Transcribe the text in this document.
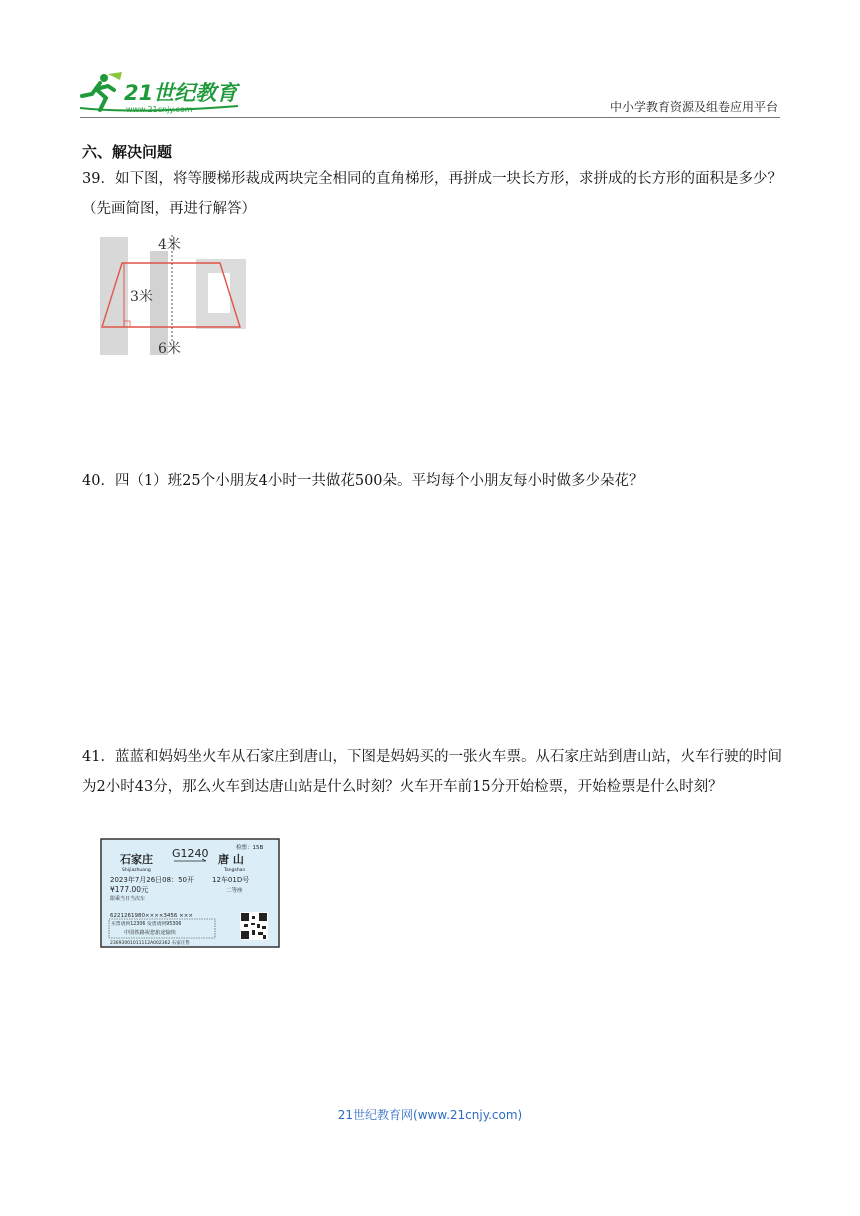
21世纪教育
www.21cnjy.com	中小学教育资源及组卷应用平台
六、解决问题
39．如下图，将等腰梯形裁成两块完全相同的直角梯形，再拼成一块长方形，求拼成的长方形的面积是多少？（先画简图，再进行解答）
4米
3米
6米
40．四（1）班25个小朋友4小时一共做花500朵。平均每个小朋友每小时做多少朵花？
41．蓝蓝和妈妈坐火车从石家庄到唐山，下图是妈妈买的一张火车票。从石家庄站到唐山站，火车行驶的时间为2小时43分，那么火车到达唐山站是什么时刻？火车开车前15分开始检票，开始检票是什么时刻？
检票：15B
石家庄
Shijiazhuang
G1240 唐 山
Tangshan
2023年7月26日08：50开	12车01D号
¥177.00元	二等座
限乘当日当次车
6221261980××××3456 ×××
买票请到12306 发货请到95306
中国铁路祝您旅途愉快
23693001011112A002362 石家庄售
21世纪教育网(www.21cnjy.com)
